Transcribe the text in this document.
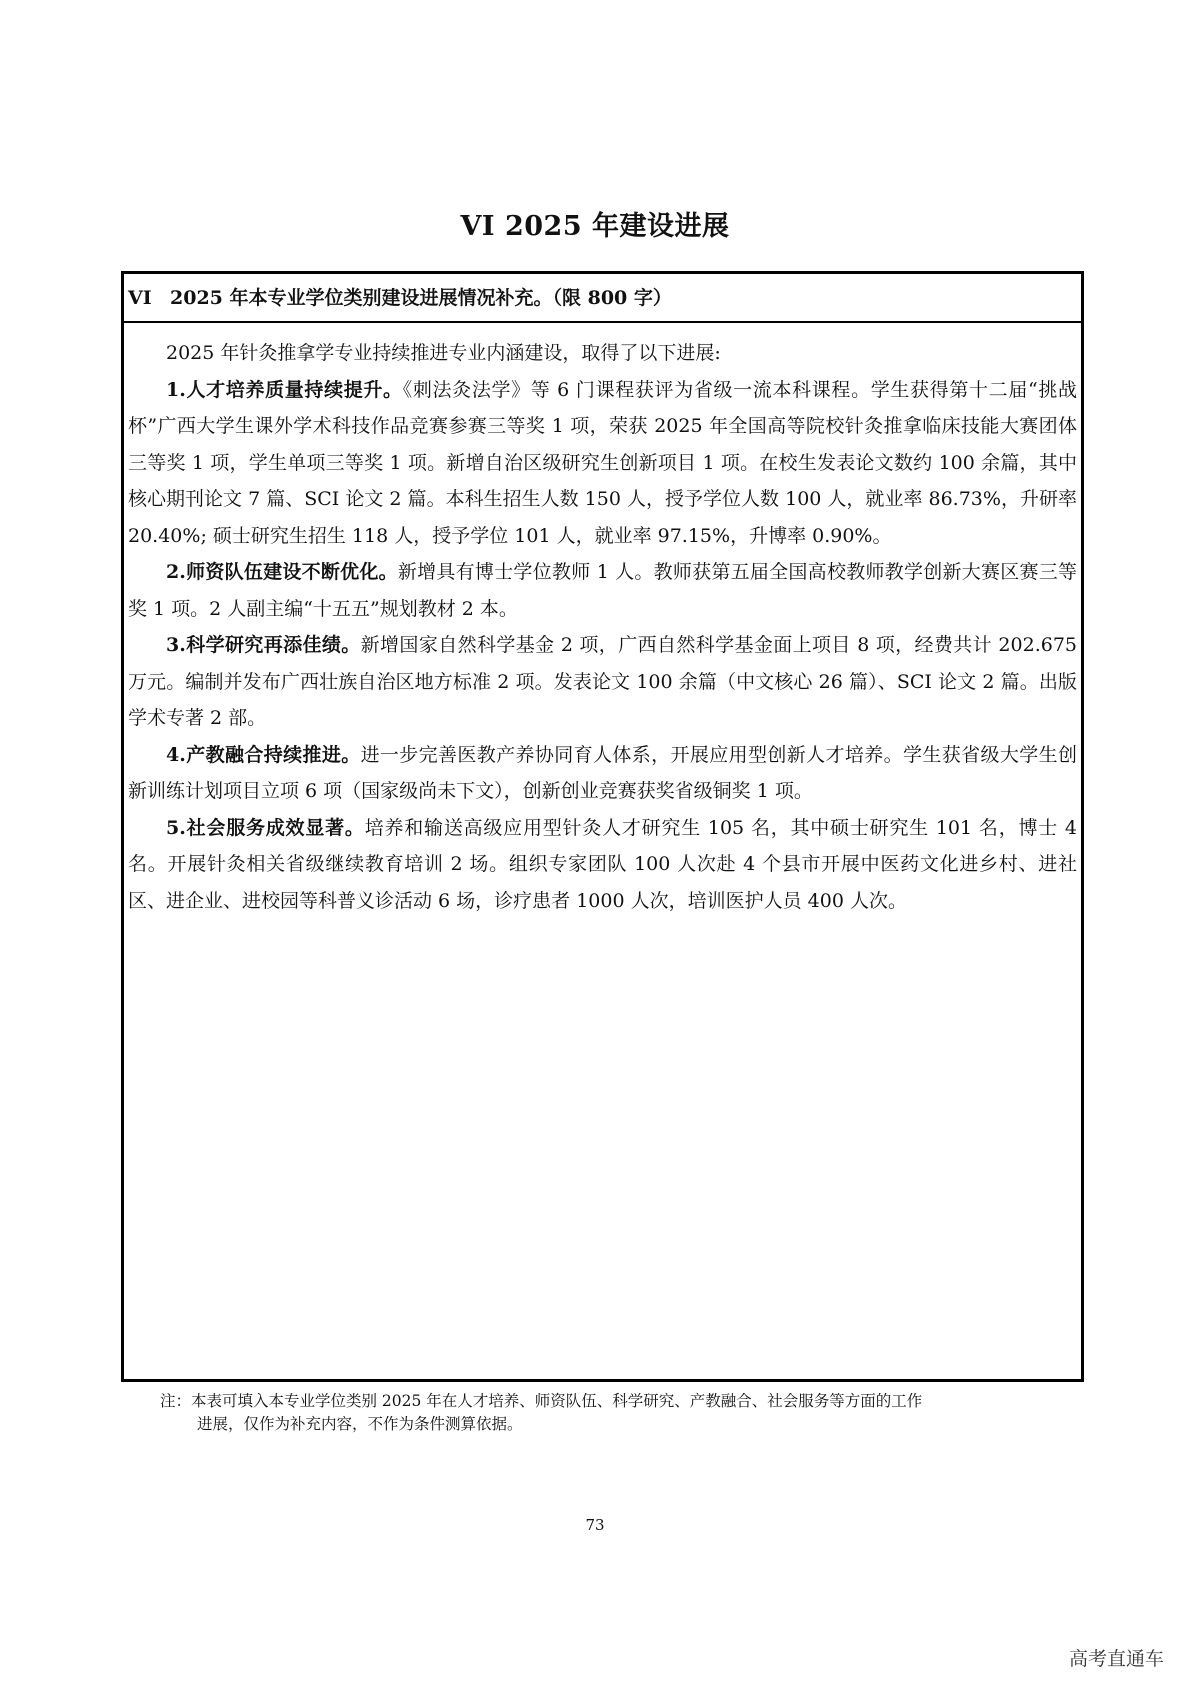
VI 2025 年建设进展
VI 2025 年本专业学位类别建设进展情况补充。（限 800 字）

2025 年针灸推拿学专业持续推进专业内涵建设，取得了以下进展:

1.人才培养质量持续提升。《刺法灸法学》等 6 门课程获评为省级一流本科课程。学生获得第十二届“挑战杯”广西大学生课外学术科技作品竞赛参赛三等奖 1 项，荣获 2025 年全国高等院校针灸推拿临床技能大赛团体三等奖 1 项，学生单项三等奖 1 项。新增自治区级研究生创新项目 1 项。在校生发表论文数约 100 余篇，其中核心期刊论文 7 篇、SCI 论文 2 篇。本科生招生人数 150 人，授予学位人数 100 人，就业率 86.73%，升研率 20.40%; 硕士研究生招生 118 人，授予学位 101 人，就业率 97.15%，升博率 0.90%。

2.师资队伍建设不断优化。新增具有博士学位教师 1 人。教师获第五届全国高校教师教学创新大赛区赛三等奖 1 项。2 人副主编“十五五”规划教材 2 本。

3.科学研究再添佳绩。新增国家自然科学基金 2 项，广西自然科学基金面上项目 8 项，经费共计 202.675 万元。编制并发布广西壮族自治区地方标准 2 项。发表论文 100 余篇（中文核心 26 篇）、SCI 论文 2 篇。出版学术专著 2 部。

4.产教融合持续推进。进一步完善医教产养协同育人体系，开展应用型创新人才培养。学生获省级大学生创新训练计划项目立项 6 项（国家级尚未下文），创新创业竞赛获奖省级铜奖 1 项。

5.社会服务成效显著。培养和输送高级应用型针灸人才研究生 105 名，其中硕士研究生 101 名，博士 4 名。开展针灸相关省级继续教育培训 2 场。组织专家团队 100 人次赴 4 个县市开展中医药文化进乡村、进社区、进企业、进校园等科普义诊活动 6 场，诊疗患者 1000 人次，培训医护人员 400 人次。

注：本表可填入本专业学位类别 2025 年在人才培养、师资队伍、科学研究、产教融合、社会服务等方面的工作
进展，仅作为补充内容，不作为条件测算依据。
73
高考直通车
